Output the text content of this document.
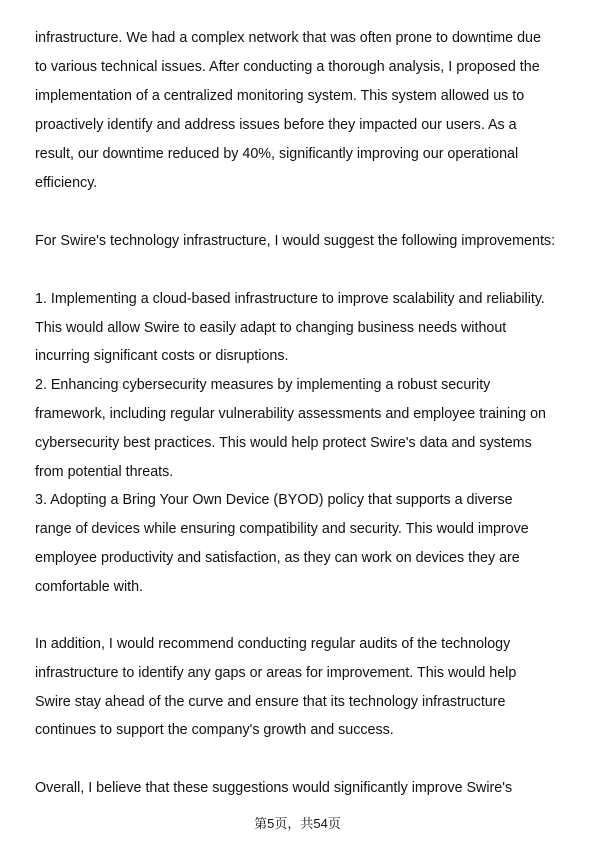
infrastructure. We had a complex network that was often prone to downtime due
to various technical issues. After conducting a thorough analysis, I proposed the
implementation of a centralized monitoring system. This system allowed us to
proactively identify and address issues before they impacted our users. As a
result, our downtime reduced by 40%, significantly improving our operational
efficiency.
For Swire's technology infrastructure, I would suggest the following improvements:
1. Implementing a cloud-based infrastructure to improve scalability and reliability.
This would allow Swire to easily adapt to changing business needs without
incurring significant costs or disruptions.
2. Enhancing cybersecurity measures by implementing a robust security
framework, including regular vulnerability assessments and employee training on
cybersecurity best practices. This would help protect Swire's data and systems
from potential threats.
3. Adopting a Bring Your Own Device (BYOD) policy that supports a diverse
range of devices while ensuring compatibility and security. This would improve
employee productivity and satisfaction, as they can work on devices they are
comfortable with.
In addition, I would recommend conducting regular audits of the technology
infrastructure to identify any gaps or areas for improvement. This would help
Swire stay ahead of the curve and ensure that its technology infrastructure
continues to support the company's growth and success.
Overall, I believe that these suggestions would significantly improve Swire's
第5页，共54页
